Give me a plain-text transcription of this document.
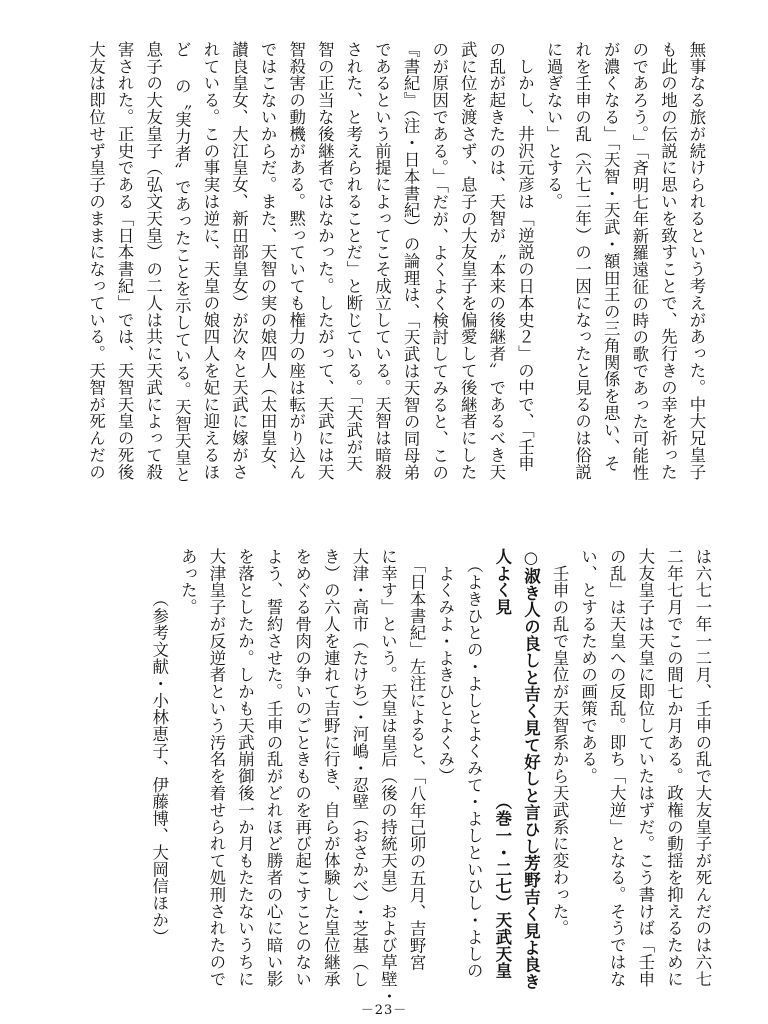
無事なる旅が続けられるという考えがあった。中大兄皇子
も此の地の伝説に思いを致すことで、先行きの幸を祈った
のであろう。」「斉明七年新羅遠征の時の歌であった可能性
が濃くなる」「天智・天武・額田王の三角関係を思い、そ
れを壬申の乱（六七二年）の一因になったと見るのは俗説
に過ぎない」とする。
　しかし、井沢元彦は「逆説の日本史２」の中で、「壬申
の乱が起きたのは、天智が〝本来の後継者〟であるべき天
武に位を渡さず、息子の大友皇子を偏愛して後継者にした
のが原因である。」「だが、よくよく検討してみると、この
『書紀』（注・日本書紀）の論理は、「天武は天智の同母弟
であるという前提によってこそ成立している。天智は暗殺
された、と考えられることだ」と断じている。「天武が天
智の正当な後継者ではなかった。したがって、天武には天
智殺害の動機がある。黙っていても権力の座は転がり込ん
ではこないからだ。また、天智の実の娘四人（太田皇女、
讃良皇女、大江皇女、新田部皇女）が次々と天武に嫁がさ
れている。この事実は逆に、天皇の娘四人を妃に迎えるほ
ど の〝実力者〟であったことを示している。天智天皇と
息子の大友皇子（弘文天皇）の二人は共に天武によって殺
害された。正史である「日本書紀」では、天智天皇の死後
大友は即位せず皇子のままになっている。天智が死んだの
は六七一年一二月、壬申の乱で大友皇子が死んだのは六七
二年七月でこの間七か月ある。政権の動揺を抑えるために
大友皇子は天皇に即位していたはずだ。こう書けば「壬申
の乱」は天皇への反乱。即ち「大逆」となる。そうではな
い、とするための画策である。
　壬申の乱で皇位が天智系から天武系に変わった。
○淑き人の良しと吉く見て好しと言ひし芳野吉く見よ良き
人よく見　　　　　　　　　　　（巻一・二七）天武天皇
　（よきひとの・よしとよくみて・よしといひし・よしの
　よくみよ・よきひとよくみ）
　「日本書紀」左注によると、「八年己卯の五月、吉野宮
に幸す」という。天皇は皇后（後の持統天皇）および草壁・
大津・高市（たけち）・河嶋・忍壁（おさかべ）・芝基（し
き）の六人を連れて吉野に行き、自らが体験した皇位継承
をめぐる骨肉の争いのごときものを再び起こすことのない
よう、誓約させた。壬申の乱がどれほど勝者の心に暗い影
を落としたか。しかも天武崩御後一か月もたたないうちに
大津皇子が反逆者という汚名を着せられて処刑されたので
あった。
　　　（参考文献・小林恵子、伊藤博、大岡信ほか）
－23－
